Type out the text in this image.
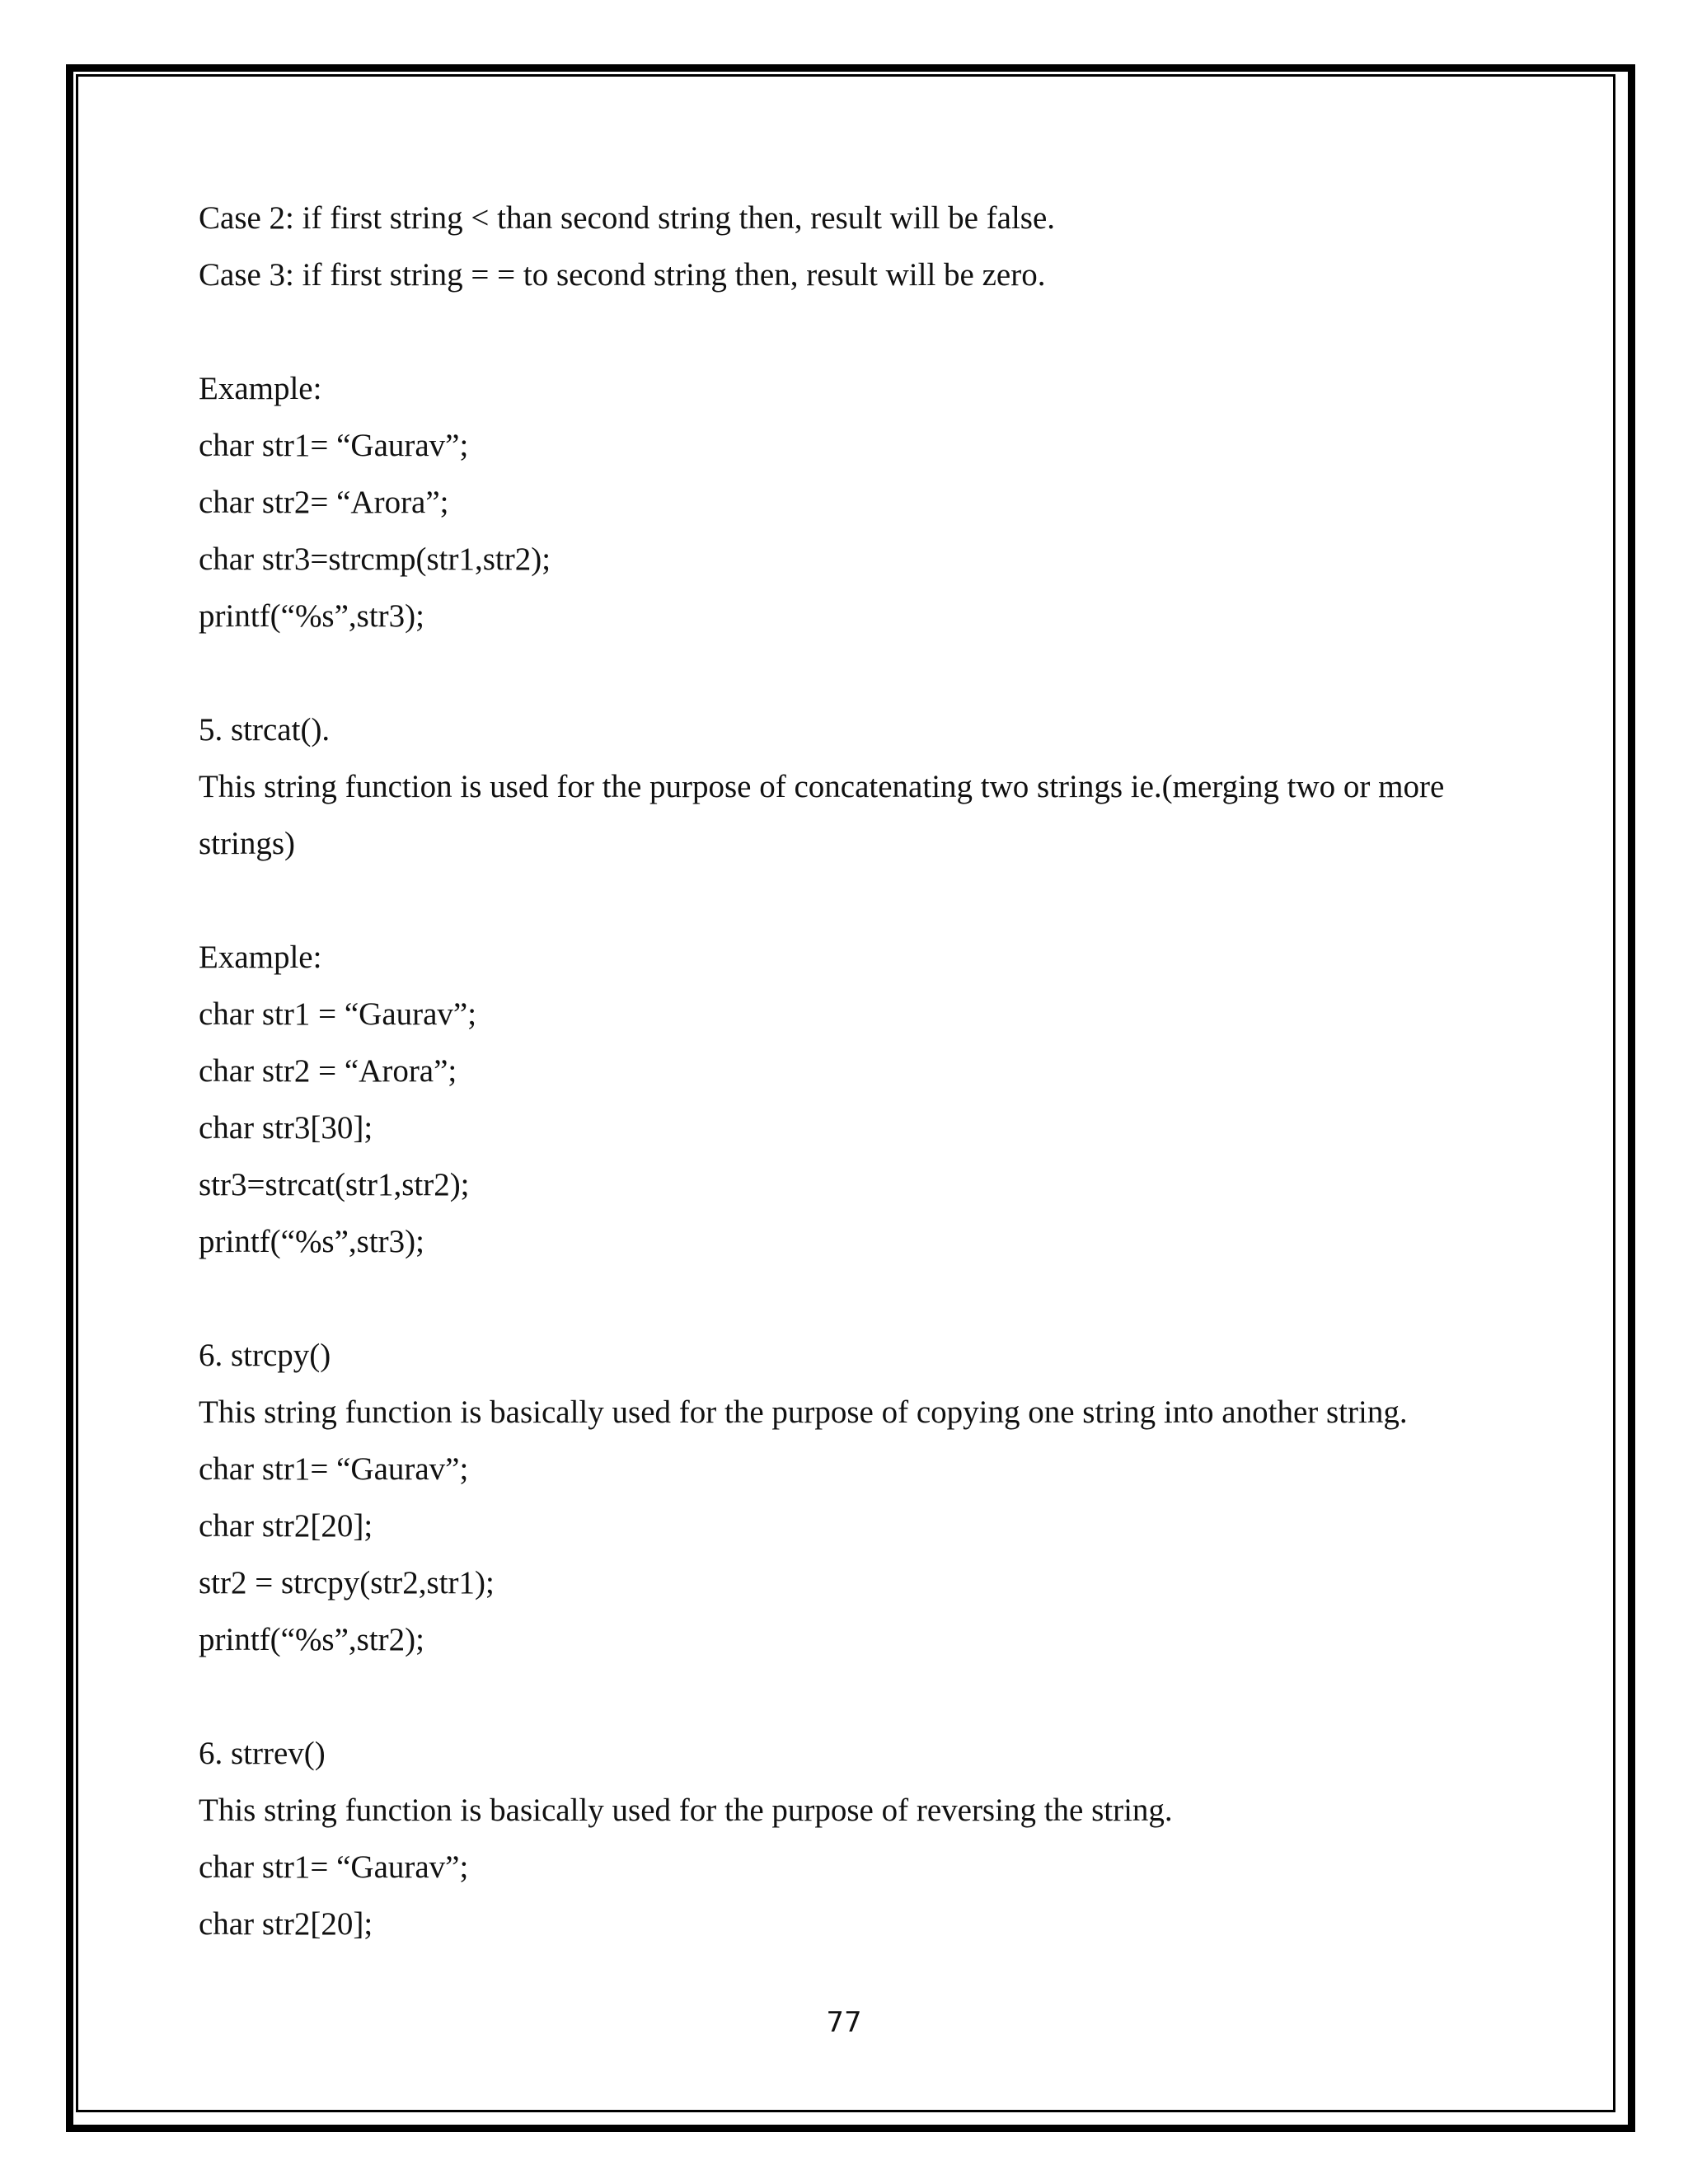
Case 2: if first string < than second string then, result will be false.
Case 3: if first string = = to second string then, result will be zero.
Example:
char str1= “Gaurav”;
char str2= “Arora”;
char str3=strcmp(str1,str2);
printf(“%s”,str3);
5. strcat().
This string function is used for the purpose of concatenating two strings ie.(merging two or more
strings)
Example:
char str1 = “Gaurav”;
char str2 = “Arora”;
char str3[30];
str3=strcat(str1,str2);
printf(“%s”,str3);
6. strcpy()
This string function is basically used for the purpose of copying one string into another string.
char str1= “Gaurav”;
char str2[20];
str2 = strcpy(str2,str1);
printf(“%s”,str2);
6. strrev()
This string function is basically used for the purpose of reversing the string.
char str1= “Gaurav”;
char str2[20];
77
